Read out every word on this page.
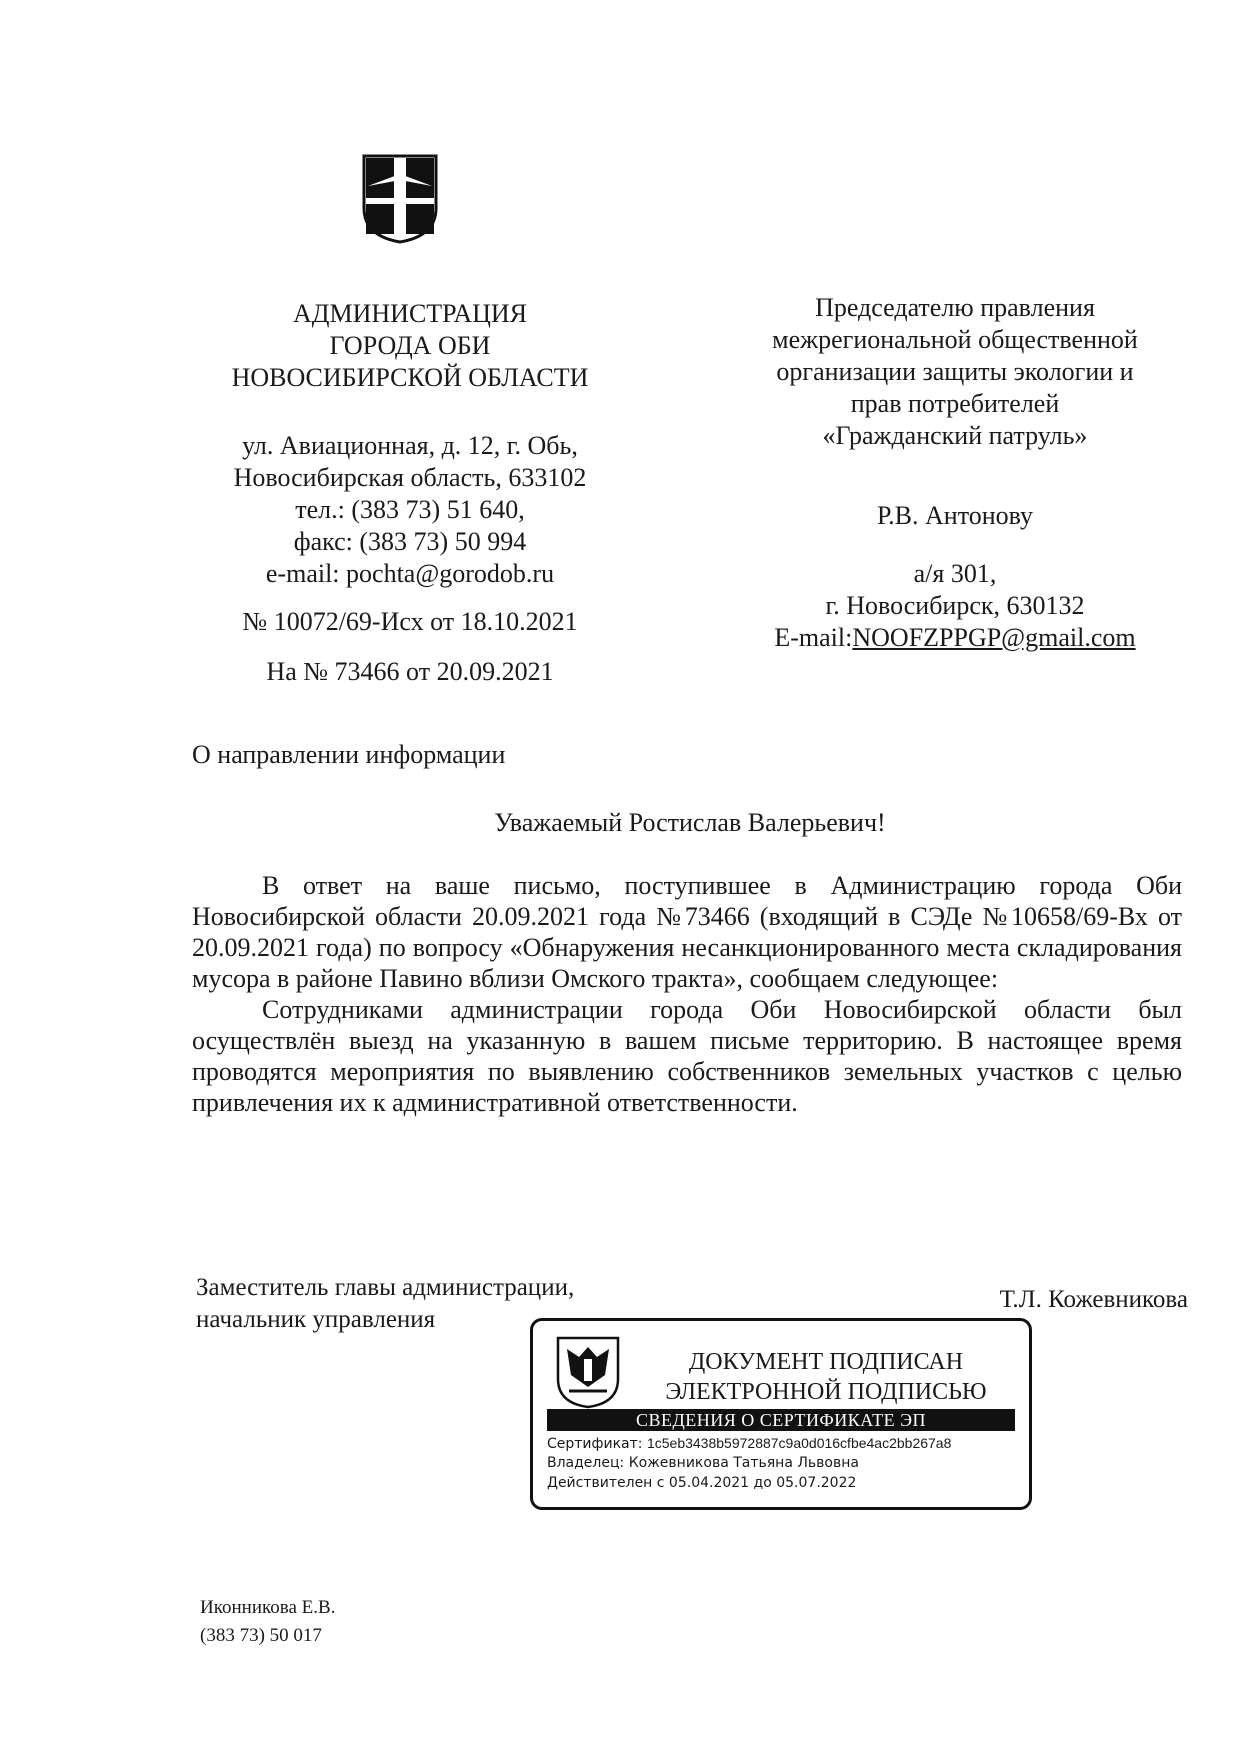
АДМИНИСТРАЦИЯ
ГОРОДА ОБИ
НОВОСИБИРСКОЙ ОБЛАСТИ
ул. Авиационная, д. 12, г. Обь,
Новосибирская область, 633102
тел.: (383 73) 51 640,
факс: (383 73) 50 994
e-mail: pochta@gorodob.ru
№ 10072/69-Исх от 18.10.2021
На № 73466 от 20.09.2021
Председателю правления
межрегиональной общественной
организации защиты экологии и
прав потребителей
«Гражданский патруль»
Р.В. Антонову
а/я 301,
г. Новосибирск, 630132
E-mail:NOOFZPPGP@gmail.com
О направлении информации
Уважаемый Ростислав Валерьевич!

В ответ на ваше письмо, поступившее в Администрацию города Оби Новосибирской области 20.09.2021 года №73466 (входящий в СЭДе №10658/69-Вх от 20.09.2021 года) по вопросу «Обнаружения несанкционированного места складирования мусора в районе Павино вблизи Омского тракта», сообщаем следующее:

Сотрудниками администрации города Оби Новосибирской области был осуществлён выезд на указанную в вашем письме территорию. В настоящее время проводятся мероприятия по выявлению собственников земельных участков с целью привлечения их к административной ответственности.

Заместитель главы администрации,
начальник управления
Т.Л. Кожевникова
ДОКУМЕНТ ПОДПИСАН
ЭЛЕКТРОННОЙ ПОДПИСЬЮ
СВЕДЕНИЯ О СЕРТИФИКАТЕ ЭП
Сертификат: 1c5eb3438b5972887c9a0d016cfbe4ac2bb267a8
Владелец: Кожевникова Татьяна Львовна
Действителен с 05.04.2021 до 05.07.2022
Иконникова Е.В.
(383 73) 50 017
